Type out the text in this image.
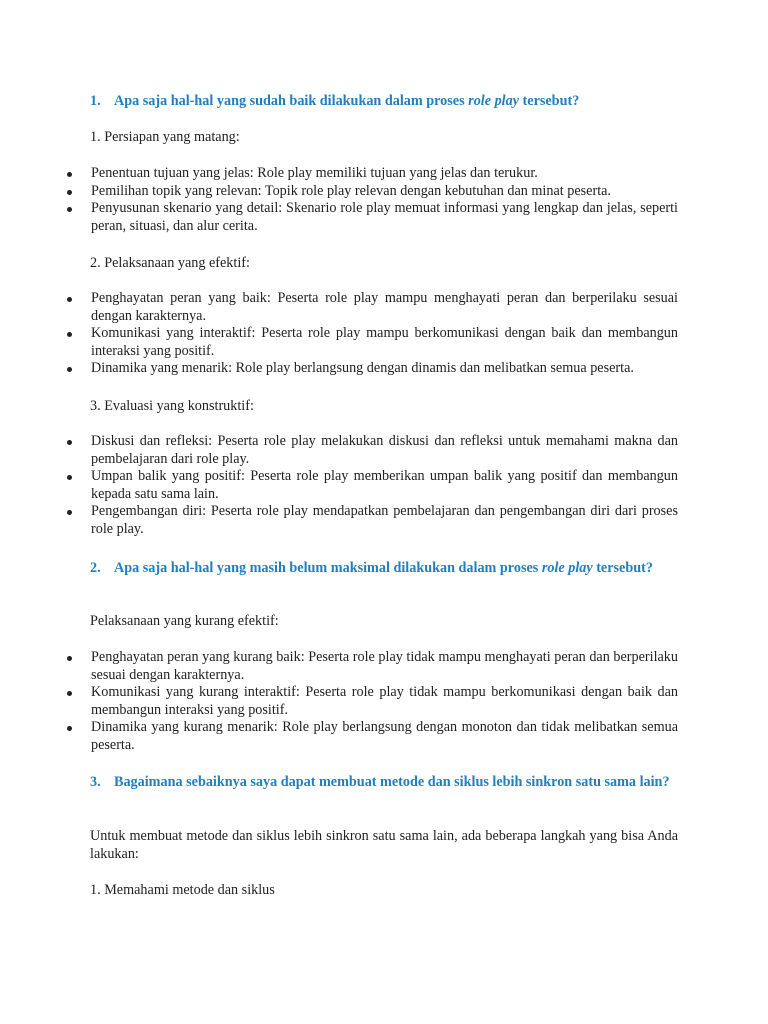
1. Apa saja hal-hal yang sudah baik dilakukan dalam proses role play tersebut?
1. Persiapan yang matang:
Penentuan tujuan yang jelas: Role play memiliki tujuan yang jelas dan terukur.
Pemilihan topik yang relevan: Topik role play relevan dengan kebutuhan dan minat peserta.
Penyusunan skenario yang detail: Skenario role play memuat informasi yang lengkap dan jelas, seperti peran, situasi, dan alur cerita.
2. Pelaksanaan yang efektif:
Penghayatan peran yang baik: Peserta role play mampu menghayati peran dan berperilaku sesuai dengan karakternya.
Komunikasi yang interaktif: Peserta role play mampu berkomunikasi dengan baik dan membangun interaksi yang positif.
Dinamika yang menarik: Role play berlangsung dengan dinamis dan melibatkan semua peserta.
3. Evaluasi yang konstruktif:
Diskusi dan refleksi: Peserta role play melakukan diskusi dan refleksi untuk memahami makna dan pembelajaran dari role play.
Umpan balik yang positif: Peserta role play memberikan umpan balik yang positif dan membangun kepada satu sama lain.
Pengembangan diri: Peserta role play mendapatkan pembelajaran dan pengembangan diri dari proses role play.
2. Apa saja hal-hal yang masih belum maksimal dilakukan dalam proses role play tersebut?
Pelaksanaan yang kurang efektif:
Penghayatan peran yang kurang baik: Peserta role play tidak mampu menghayati peran dan berperilaku sesuai dengan karakternya.
Komunikasi yang kurang interaktif: Peserta role play tidak mampu berkomunikasi dengan baik dan membangun interaksi yang positif.
Dinamika yang kurang menarik: Role play berlangsung dengan monoton dan tidak melibatkan semua peserta.
3. Bagaimana sebaiknya saya dapat membuat metode dan siklus lebih sinkron satu sama lain?
Untuk membuat metode dan siklus lebih sinkron satu sama lain, ada beberapa langkah yang bisa Anda lakukan:
1. Memahami metode dan siklus
